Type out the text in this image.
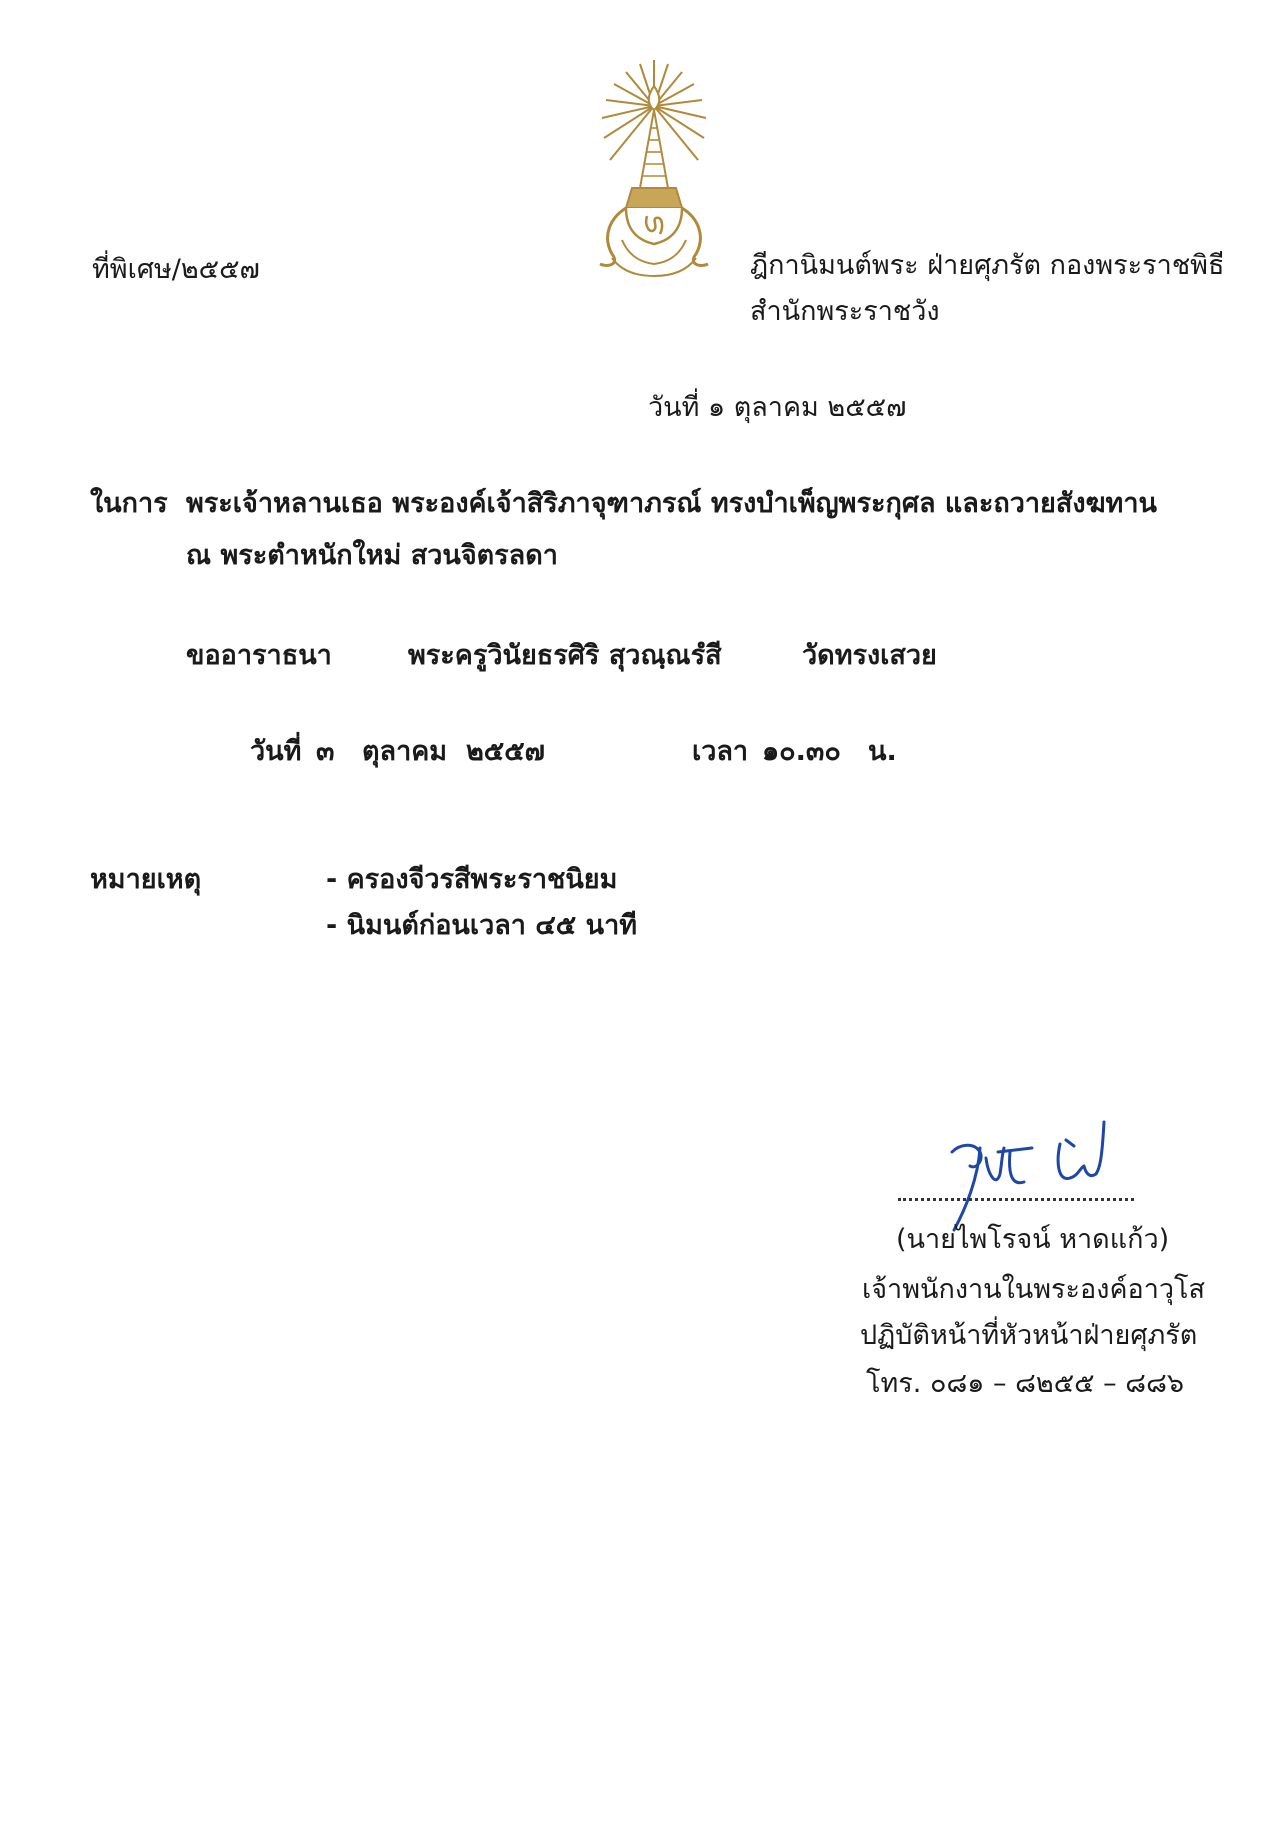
ที่พิเศษ/๒๕๕๗	ฎีกานิมนต์พระ ฝ่ายศุภรัต กองพระราชพิธี
สำนักพระราชวัง
วันที่ ๑ ตุลาคม ๒๕๕๗
ในการ พระเจ้าหลานเธอ พระองค์เจ้าสิริภาจุฑาภรณ์ ทรงบำเพ็ญพระกุศล และถวายสังฆทาน
ณ พระตำหนักใหม่ สวนจิตรลดา
ขออาราธนา	พระครูวินัยธรศิริ สุวณฺณรํสี	วัดทรงเสวย
วันที่ ๓ ตุลาคม ๒๕๕๗	เวลา ๑๐.๓๐ น.
หมายเหตุ	- ครองจีวรสีพระราชนิยม
- นิมนต์ก่อนเวลา ๔๕ นาที
(นายไพโรจน์ หาดแก้ว)
เจ้าพนักงานในพระองค์อาวุโส
ปฏิบัติหน้าที่หัวหน้าฝ่ายศุภรัต
โทร. ๐๘๑ – ๘๒๕๕ – ๘๘๖
